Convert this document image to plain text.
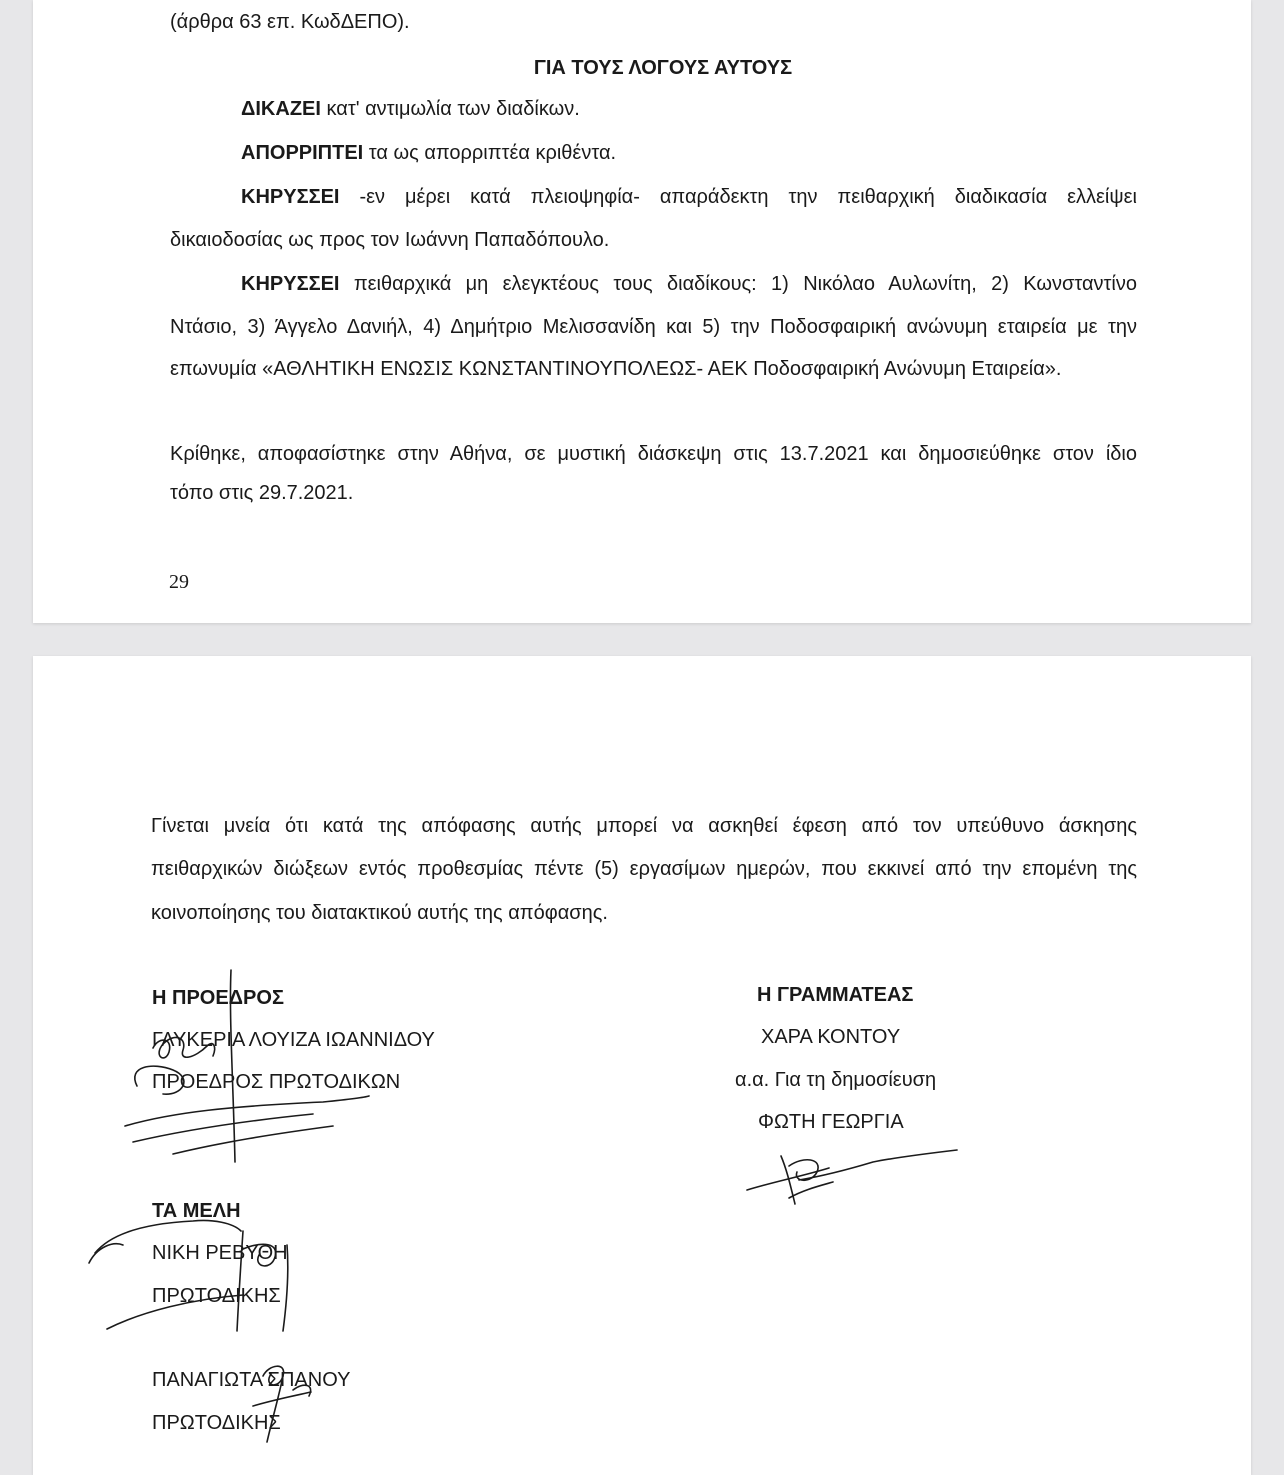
(άρθρα 63 επ. ΚωδΔΕΠΟ).
ΓΙΑ ΤΟΥΣ ΛΟΓΟΥΣ ΑΥΤΟΥΣ
ΔΙΚΑΖΕΙ κατ' αντιμωλία των διαδίκων.
ΑΠΟΡΡΙΠΤΕΙ τα ως απορριπτέα κριθέντα.
ΚΗΡΥΣΣΕΙ -εν μέρει κατά πλειοψηφία- απαράδεκτη την πειθαρχική διαδικασία ελλείψει
δικαιοδοσίας ως προς τον Ιωάννη Παπαδόπουλο.
ΚΗΡΥΣΣΕΙ πειθαρχικά μη ελεγκτέους τους διαδίκους: 1) Νικόλαο Αυλωνίτη, 2) Κωνσταντίνο
Ντάσιο, 3) Άγγελο Δανιήλ, 4) Δημήτριο Μελισσανίδη και 5) την Ποδοσφαιρική ανώνυμη εταιρεία με την
επωνυμία «ΑΘΛΗΤΙΚΗ ΕΝΩΣΙΣ ΚΩΝΣΤΑΝΤΙΝΟΥΠΟΛΕΩΣ- ΑΕΚ Ποδοσφαιρική Ανώνυμη Εταιρεία».
Κρίθηκε, αποφασίστηκε στην Αθήνα, σε μυστική διάσκεψη στις 13.7.2021 και δημοσιεύθηκε στον ίδιο
τόπο στις 29.7.2021.
29
Γίνεται μνεία ότι κατά της απόφασης αυτής μπορεί να ασκηθεί έφεση από τον υπεύθυνο άσκησης
πειθαρχικών διώξεων εντός προθεσμίας πέντε (5) εργασίμων ημερών, που εκκινεί από την επομένη της
κοινοποίησης του διατακτικού αυτής της απόφασης.
Η ΠΡΟΕΔΡΟΣ
ΓΛΥΚΕΡΙΑ ΛΟΥΙΖΑ ΙΩΑΝΝΙΔΟΥ
ΠΡΟΕΔΡΟΣ ΠΡΩΤΟΔΙΚΩΝ
Η ΓΡΑΜΜΑΤΕΑΣ
ΧΑΡΑ ΚΟΝΤΟΥ
α.α. Για τη δημοσίευση
ΦΩΤΗ ΓΕΩΡΓΙΑ
ΤΑ ΜΕΛΗ
ΝΙΚΗ ΡΕΒΥΘΗ
ΠΡΩΤΟΔΙΚΗΣ
ΠΑΝΑΓΙΩΤΑ ΣΠΑΝΟΥ
ΠΡΩΤΟΔΙΚΗΣ
